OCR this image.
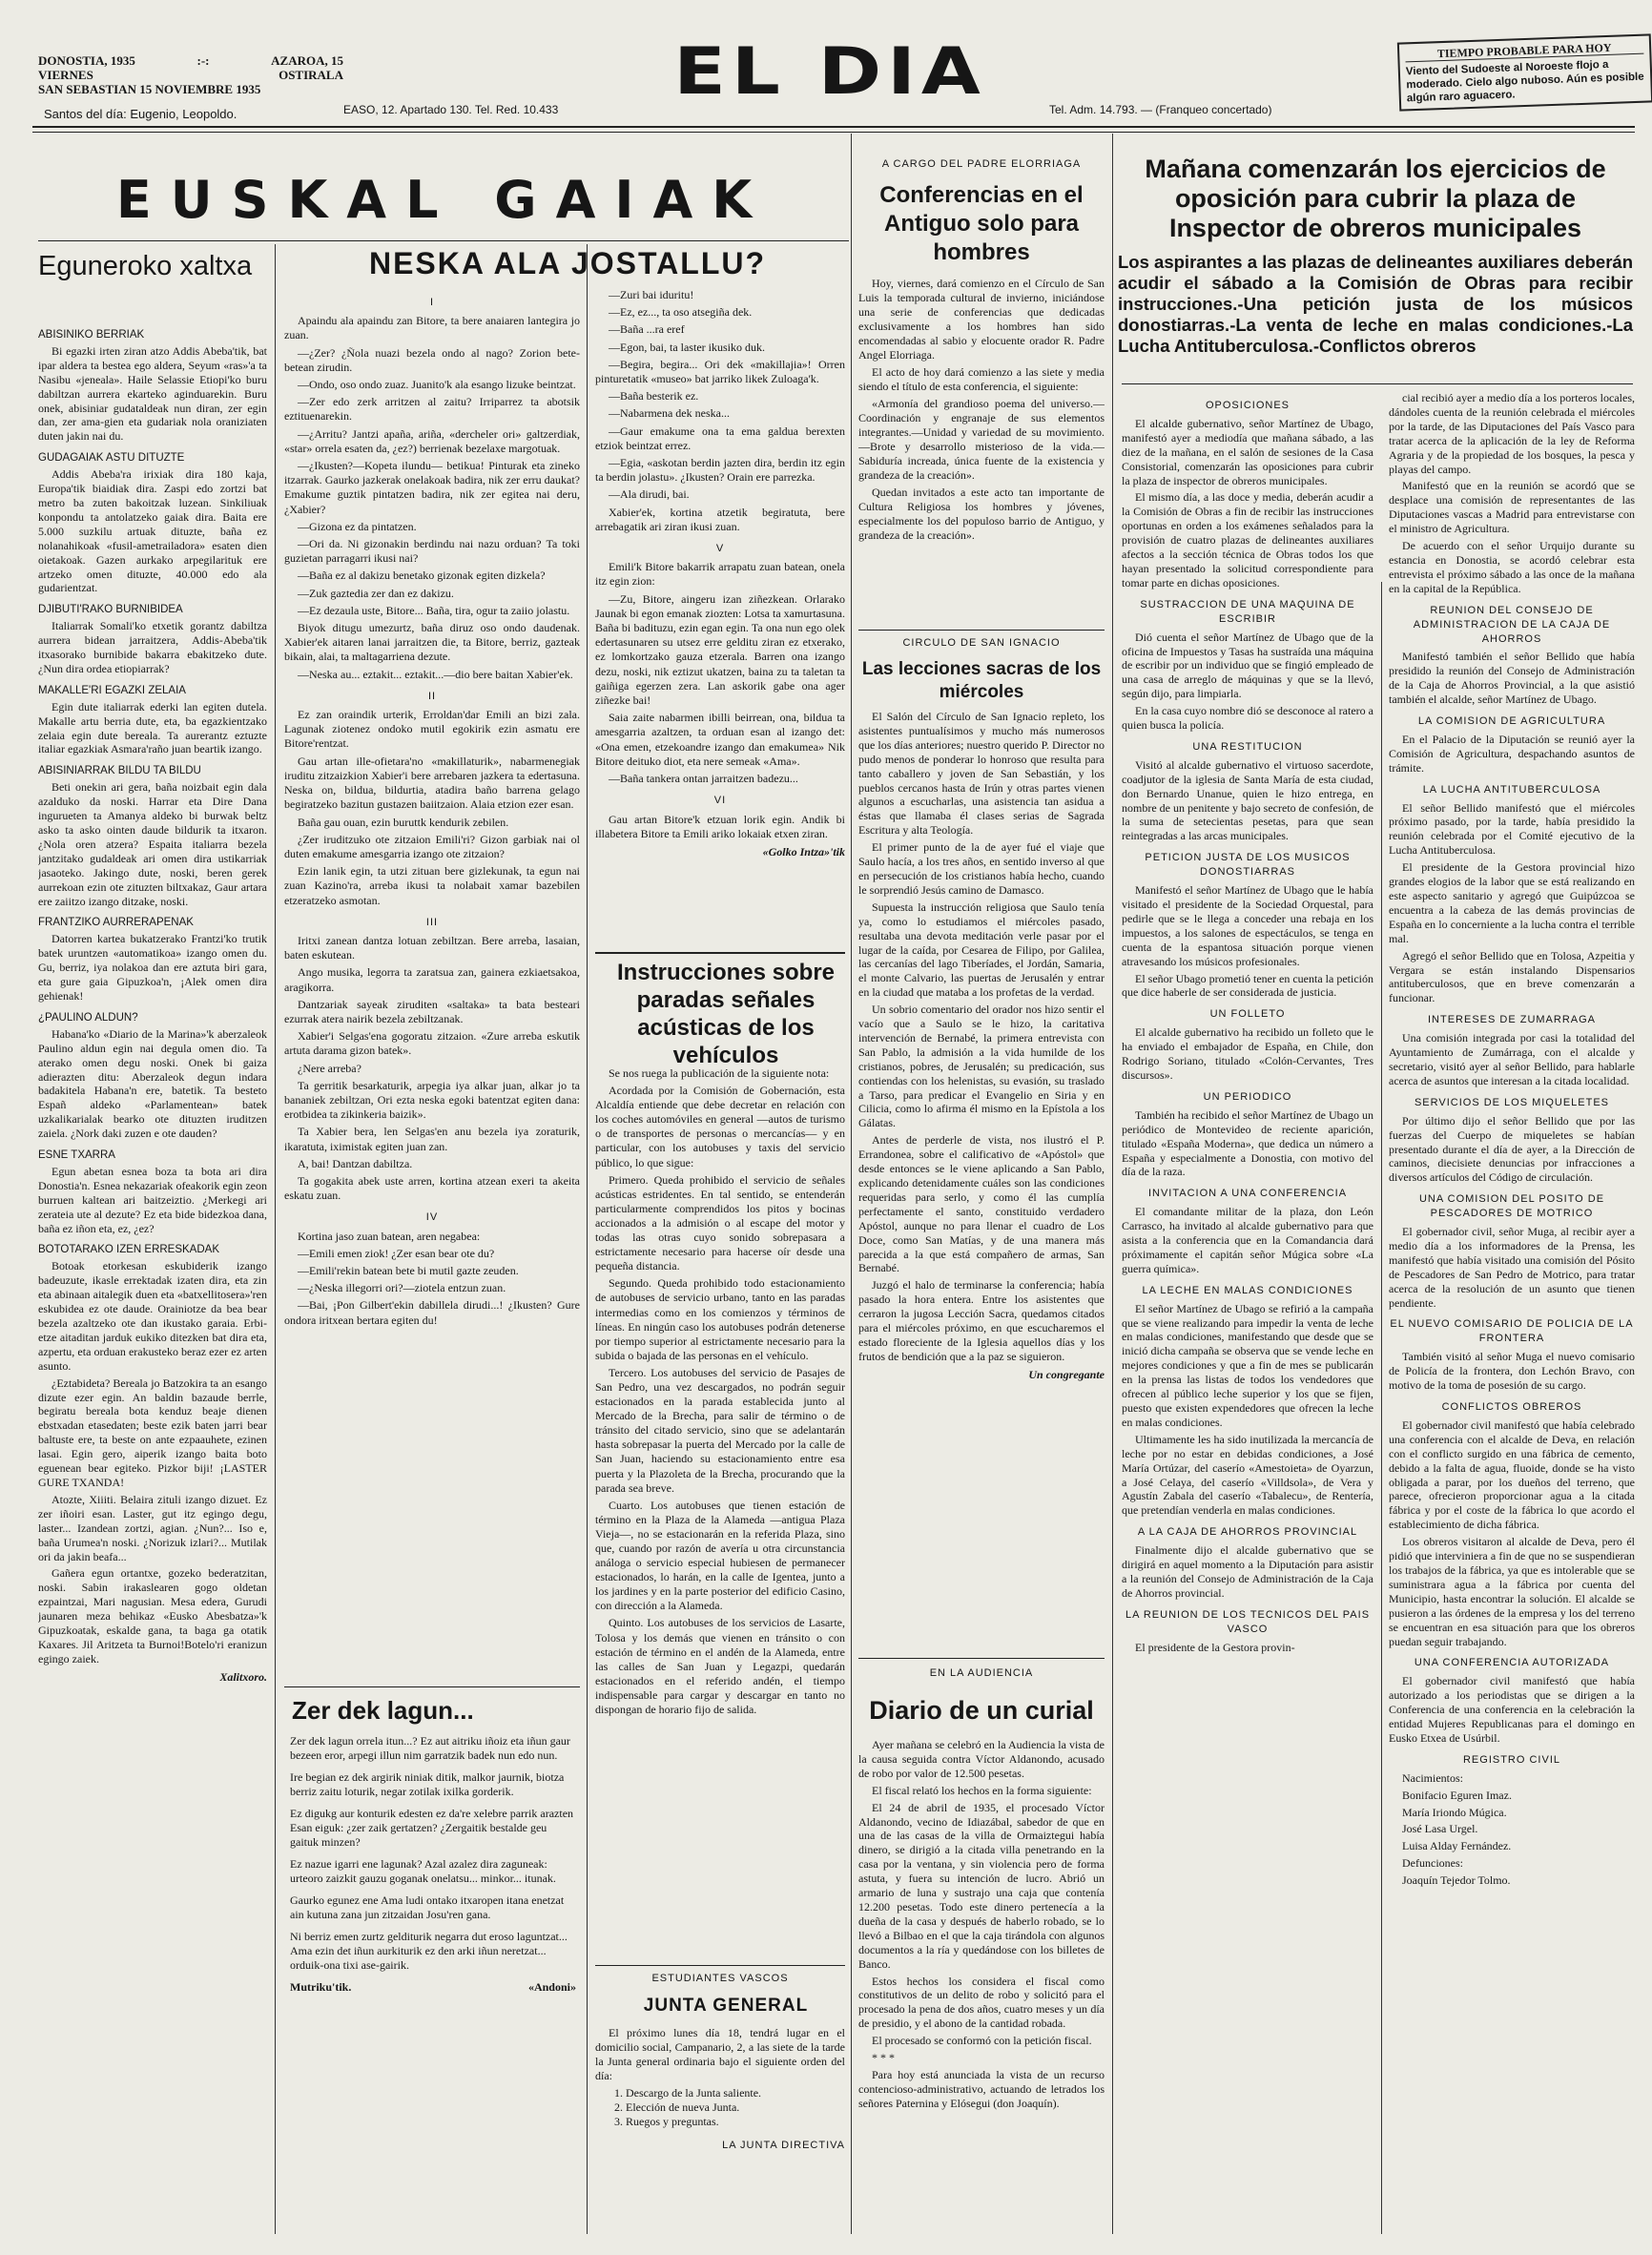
DONOSTIA, 1935	:-:	AZAROA, 15
VIERNES	OSTIRALA
SAN SEBASTIAN 15 NOVIEMBRE 1935
Santos del día: Eugenio, Leopoldo.
EL DIA
EASO, 12. Apartado 130. Tel. Red. 10.433	Tel. Adm. 14.793. — (Franqueo concertado)
TIEMPO PROBABLE PARA HOY
Viento del Sudoeste al Noroeste flojo a moderado. Cielo algo nuboso. Aún es posible algún raro aguacero.
EUSKAL GAIAK
Eguneroko xaltxa
ABISINIKO BERRIAK

Bi egazki irten ziran atzo Addis Abeba'tik, bat ipar aldera ta bestea ego aldera, Seyum «ras»'a ta Nasibu «jeneala». Haile Selassie Etiopi'ko buru dabiltzan aurrera ekarteko aginduarekin. Buru onek, abisiniar gudataldeak nun diran, zer egin dan, zer ama-gien eta gudariak nola oraniziaten duten jakin nai du.

GUDAGAIAK ASTU DITUZTE

Addis Abeba'ra irixiak dira 180 kaja, Europa'tik biaidiak dira. Zaspi edo zortzi bat metro ba zuten bakoitzak luzean. Sinkiliuak konpondu ta antolatzeko gaiak dira. Baita ere 5.000 suzkilu artuak dituzte, baña ez nolanahikoak «fusil-ametrailadora» esaten dien oietakoak. Gazen aurkako arpegilarituk ere artzeko omen dituzte, 40.000 edo ala gudarientzat.

DJIBUTI'RAKO BURNIBIDEA

Italiarrak Somali'ko etxetik gorantz dabiltza aurrera bidean jarraitzera, Addis-Abeba'tik itxasorako burnibide bakarra ebakitzeko dute. ¿Nun dira ordea etiopiarrak?

MAKALLE'RI EGAZKI ZELAIA

Egin dute italiarrak ederki lan egiten dutela. Makalle artu berria dute, eta, ba egazkientzako zelaia egin dute bereala. Ta aurerantz eztuzte italiar egazkiak Asmara'raño juan beartik izango.

ABISINIARRAK BILDU TA BILDU

Beti onekin ari gera, baña noizbait egin dala azalduko da noski. Harrar eta Dire Dana ingurueten ta Amanya aldeko bi burwak beltz asko ta asko ointen daude bildurik ta itxaron. ¿Nola oren atzera? Espaita italiarra bezela jantzitako gudaldeak ari omen dira ustikarriak jasaoteko. Jakingo dute, noski, beren gerek aurrekoan ezin ote zituzten biltxakaz, Gaur artara ere zaiitzo izango ditzake, noski.

FRANTZIKO AURRERAPENAK

Datorren kartea bukatzerako Frantzi'ko trutik batek uruntzen «automatikoa» izango omen du. Gu, berriz, iya nolakoa dan ere aztuta biri gara, eta gure gaia Gipuzkoa'n, ¡Alek omen dira gehienak!

¿PAULINO ALDUN?

Habana'ko «Diario de la Marina»'k aberzaleok Paulino aldun egin nai degula omen dio. Ta aterako omen degu noski. Onek bi gaiza adierazten ditu: Aberzaleok degun indara badakitela Habana'n ere, batetik. Ta besteto Españ aldeko «Parlamentean» batek uzkalikarialak bearko ote dituzten iruditzen zaiela. ¿Nork daki zuzen e ote dauden?

ESNE TXARRA

Egun abetan esnea boza ta bota ari dira Donostia'n. Esnea nekazariak ofeakorik egin zeon burruen kaltean ari baitzeiztio. ¿Merkegi ari zerateia ute al dezute? Ez eta bide bidezkoa dana, baña ez iñon eta, ez, ¿ez?

BOTOTARAKO IZEN ERRESKADAK

Botoak etorkesan eskubiderik izango badeuzute, ikasle errektadak izaten dira, eta zin eta abinaan aitalegik duen eta «batxellitosera»'ren eskubidea ez ote daude. Orainiotze da bea bear bezela azaltzeko ote dan ikustako garaia. Erbi-etze aitaditan jarduk eukiko ditezken bat dira eta, azpertu, eta orduan erakusteko beraz ezer ez arten asunto.

¿Eztabideta? Bereala jo Batzokira ta an esango dizute ezer egin. An baldin bazaude berrle, begiratu bereala bota kenduz beaje dienen ebstxadan etasedaten; beste ezik baten jarri bear baltuste ere, ta beste on ante ezpaauhete, ezinen lasai. Egin gero, aiperik izango baita boto eguenean bear egiteko. Pizkor biji! ¡LASTER GURE TXANDA!

Atozte, Xiiiti. Belaira zituli izango dizuet. Ez zer iñoiri esan. Laster, gut itz egingo degu, laster... Izandean zortzi, agian. ¿Nun?... Iso e, baña Urumea'n noski. ¿Norizuk izlari?... Mutilak ori da jakin beafa...

Gañera egun ortantxe, gozeko bederatzitan, noski. Sabin irakaslearen gogo oldetan ezpaintzai, Mari nagusian. Mesa edera, Gurudi jaunaren meza behikaz «Eusko Abesbatza»'k Gipuzkoatak, eskalde gana, ta baga ga otatik Kaxares. Jil Aritzeta ta Burnoi!Botelo'ri eranizun egingo zaiek.

Xalitxoro.
NESKA ALA JOSTALLU?
I

Apaindu ala apaindu zan Bitore, ta bere anaiaren lantegira jo zuan.

—¿Zer? ¿Ñola nuazi bezela ondo al nago? Zorion bete-betean zirudin.

—Ondo, oso ondo zuaz. Juanito'k ala esango lizuke beintzat.

—Zer edo zerk arritzen al zaitu? Irriparrez ta abotsik eztituenarekin.

—¿Arritu? Jantzi apaña, ariña, «dercheler ori» galtzerdiak, «star» orrela esaten da, ¿ez?) berrienak bezelaxe margotuak.

—¿Ikusten?—Kopeta ilundu— betikua! Pinturak eta zineko itzarrak. Gaurko jazkerak onelakoak badira, nik zer erru daukat? Emakume guztik pintatzen badira, nik zer egitea nai deru, ¿Xabier?

—Gizona ez da pintatzen.

—Ori da. Ni gizonakin berdindu nai nazu orduan? Ta toki guzietan parragarri ikusi nai?

—Baña ez al dakizu benetako gizonak egiten dizkela?

—Zuk gaztedia zer dan ez dakizu.

—Ez dezaula uste, Bitore... Baña, tira, ogur ta zaiio jolastu.

Biyok ditugu umezurtz, baña diruz oso ondo daudenak. Xabier'ek aitaren lanai jarraitzen die, ta Bitore, berriz, gazteak bikain, alai, ta maltagarriena dezute.

—Neska au... eztakit... eztakit...—dio bere baitan Xabier'ek.

II

Ez zan oraindik urterik, Erroldan'dar Emili an bizi zala. Lagunak ziotenez ondoko mutil egokirik ezin asmatu ere Bitore'rentzat.

Gau artan ille-ofietara'no «makillaturik», nabarmenegiak iruditu zitzaizkion Xabier'i bere arrebaren jazkera ta edertasuna. Neska on, bildua, bildurtia, atadira baño barrena gelago begiratzeko bazitun gustazen baiitzaion. Alaia etzion ezer esan.

Baña gau ouan, ezin buruttk kendurik zebilen.

¿Zer iruditzuko ote zitzaion Emili'ri? Gizon garbiak nai ol duten emakume amesgarria izango ote zitzaion?

Ezin lanik egin, ta utzi zituan bere gizlekunak, ta egun nai zuan Kazino'ra, arreba ikusi ta nolabait xamar bazebilen etzeratzeko asmotan.

III

Iritxi zanean dantza lotuan zebiltzan. Bere arreba, lasaian, baten eskutean.

Ango musika, legorra ta zaratsua zan, gainera ezkiaetsakoa, aragikorra.

Dantzariak sayeak ziruditen «saltaka» ta bata besteari ezurrak atera nairik bezela zebiltzanak.

Xabier'i Selgas'ena gogoratu zitzaion. «Zure arreba eskutik artuta darama gizon batek».

¿Nere arreba?

Ta gerritik besarkaturik, arpegia iya alkar juan, alkar jo ta bananiek zebiltzan, Ori ezta neska egoki batentzat egiten dana: erotbidea ta zikinkeria baizik».

Ta Xabier bera, len Selgas'en anu bezela iya zoraturik, ikaratuta, iximistak egiten juan zan.

A, bai! Dantzan dabiltza.

Ta gogakita abek uste arren, kortina atzean exeri ta akeita eskatu zuan.

IV

Kortina jaso zuan batean, aren negabea:

—Emili emen ziok! ¿Zer esan bear ote du?

—Emili'rekin batean bete bi mutil gazte zeuden.

—¿Neska illegorri ori?—ziotela entzun zuan.

—Bai, ¡Pon Gilbert'ekin dabillela dirudi...! ¿Ikusten? Gure ondora iritxean bertara egiten du!

—Zuri bai iduritu!

—Ez, ez..., ta oso atsegiña dek.

—Baña ...ra eref

—Egon, bai, ta laster ikusiko duk.

—Begira, begira... Ori dek «makillajia»! Orren pinturetatik «museo» bat jarriko likek Zuloaga'k.

—Baña besterik ez.

—Nabarmena dek neska...

—Gaur emakume ona ta ema galdua berexten etziok beintzat errez.

—Egia, «askotan berdin jazten dira, berdin itz egin ta berdin jolastu». ¿Ikusten? Orain ere parrezka.

—Ala dirudi, bai.

Xabier'ek, kortina atzetik begiratuta, bere arrebagatik ari ziran ikusi zuan.

V

Emili'k Bitore bakarrik arrapatu zuan batean, onela itz egin zion:

—Zu, Bitore, aingeru izan ziñezkean. Orlarako Jaunak bi egon emanak ziozten: Lotsa ta xamurtasuna. Baña bi badituzu, ezin egan egin. Ta ona nun ego olek edertasunaren su utsez erre gelditu ziran ez etxerako, ez lomkortzako gauza etzerala. Barren ona izango dezu, noski, nik eztizut ukatzen, baina zu ta taletan ta gaiñiga egerzen zera. Lan askorik gabe ona ager ziñezke bai!

Saia zaite nabarmen ibilli beirrean, ona, bildua ta amesgarria azaltzen, ta orduan esan al izango det: «Ona emen, etzekoandre izango dan emakumea» Nik Bitore deituko diot, eta nere semeak «Ama».

—Baña tankera ontan jarraitzen badezu...

VI

Gau artan Bitore'k etzuan lorik egin. Andik bi illabetera Bitore ta Emili ariko lokaiak etxen ziran.

«Golko Intza»'tik
Zer dek lagun...

Zer dek lagun orrela itun...? Ez aut aitriku iñoiz eta iñun gaur bezeen eror, arpegi illun nim garratzik badek nun edo nun.

Ire begian ez dek argirik niniak ditik, malkor jaurnik, biotza berriz zaitu loturik, negar zotilak ixilka gorderik.

Ez digukg aur konturik edesten ez da're xelebre parrik arazten Esan eiguk: ¿zer zaik gertatzen? ¿Zergaitik bestalde geu gaituk minzen?

Ez nazue igarri ene lagunak? Azal azalez dira zaguneak: urteoro zaizkit gauzu goganak onelatsu... minkor... itunak.

Gaurko egunez ene Ama ludi ontako itxaropen itana enetzat ain kutuna zana jun zitzaidan Josu'ren gana.

Ni berriz emen zurtz gelditurik negarra dut eroso laguntzat... Ama ezin det iñun aurkiturik ez den arki iñun neretzat... orduik-ona tixi ase-gairik.

Mutriku'tik.	«Andoni»
Instrucciones sobre paradas señales acústicas de los vehículos

Se nos ruega la publicación de la siguiente nota:

Acordada por la Comisión de Gobernación, esta Alcaldía entiende que debe decretar en relación con los coches automóviles en general —autos de turismo o de transportes de personas o mercancías— y en particular, con los autobuses y taxis del servicio público, lo que sigue:

Primero. Queda prohibido el servicio de señales acústicas estridentes. En tal sentido, se entenderán particularmente comprendidos los pitos y bocinas accionados a la admisión o al escape del motor y todas las otras cuyo sonido sobrepasara a estrictamente necesario para hacerse oír desde una pequeña distancia.

Segundo. Queda prohibido todo estacionamiento de autobuses de servicio urbano, tanto en las paradas intermedias como en los comienzos y términos de líneas. En ningún caso los autobuses podrán detenerse por tiempo superior al estrictamente necesario para la subida o bajada de las personas en el vehículo.

Tercero. Los autobuses del servicio de Pasajes de San Pedro, una vez descargados, no podrán seguir estacionados en la parada establecida junto al Mercado de la Brecha, para salir de término o de tránsito del citado servicio, sino que se adelantarán hasta sobrepasar la puerta del Mercado por la calle de San Juan, haciendo su estacionamiento entre esa puerta y la Plazoleta de la Brecha, procurando que la parada sea breve.

Cuarto. Los autobuses que tienen estación de término en la Plaza de la Alameda —antigua Plaza Vieja—, no se estacionarán en la referida Plaza, sino que, cuando por razón de avería u otra circunstancia análoga o servicio especial hubiesen de permanecer estacionados, lo harán, en la calle de Igentea, junto a los jardines y en la parte posterior del edificio Casino, con dirección a la Alameda.

Quinto. Los autobuses de los servicios de Lasarte, Tolosa y los demás que vienen en tránsito o con estación de término en el andén de la Alameda, entre las calles de San Juan y Legazpi, quedarán estacionados en el referido andén, el tiempo indispensable para cargar y descargar en tanto no dispongan de horario fijo de salida.

ESTUDIANTES VASCOS
JUNTA GENERAL

El próximo lunes día 18, tendrá lugar en el domicilio social, Campanario, 2, a las siete de la tarde la Junta general ordinaria bajo el siguiente orden del día:

1. Descargo de la Junta saliente.

2. Elección de nueva Junta.

3. Ruegos y preguntas.

LA JUNTA DIRECTIVA
A CARGO DEL PADRE ELORRIAGA
Conferencias en el Antiguo solo para hombres

Hoy, viernes, dará comienzo en el Círculo de San Luis la temporada cultural de invierno, iniciándose una serie de conferencias que dedicadas exclusivamente a los hombres han sido encomendadas al sabio y elocuente orador R. Padre Angel Elorriaga.

El acto de hoy dará comienzo a las siete y media siendo el título de esta conferencia, el siguiente:

«Armonía del grandioso poema del universo.—Coordinación y engranaje de sus elementos integrantes.—Unidad y variedad de su movimiento.—Brote y desarrollo misterioso de la vida.—Sabiduría increada, única fuente de la existencia y grandeza de la creación».

Quedan invitados a este acto tan importante de Cultura Religiosa los hombres y jóvenes, especialmente los del populoso barrio de Antiguo, y grandeza de la creación».

CIRCULO DE SAN IGNACIO
Las lecciones sacras de los miércoles

El Salón del Círculo de San Ignacio repleto, los asistentes puntualísimos y mucho más numerosos que los días anteriores; nuestro querido P. Director no pudo menos de ponderar lo honroso que resulta para tanto caballero y joven de San Sebastián, y los pueblos cercanos hasta de Irún y otras partes vienen algunos a escucharlas, una asistencia tan asidua a éstas que llamaba él clases serias de Sagrada Escritura y alta Teología.

El primer punto de la de ayer fué el viaje que Saulo hacía, a los tres años, en sentido inverso al que en persecución de los cristianos había hecho, cuando le sorprendió Jesús camino de Damasco.

Supuesta la instrucción religiosa que Saulo tenía ya, como lo estudiamos el miércoles pasado, resultaba una devota meditación verle pasar por el lugar de la caída, por Cesarea de Filipo, por Galilea, las cercanías del lago Tiberíades, el Jordán, Samaria, el monte Calvario, las puertas de Jerusalén y entrar en la ciudad que mataba a los profetas de la verdad.

Un sobrio comentario del orador nos hizo sentir el vacío que a Saulo se le hizo, la caritativa intervención de Bernabé, la primera entrevista con San Pablo, la admisión a la vida humilde de los cristianos, pobres, de Jerusalén; su predicación, sus contiendas con los helenistas, su evasión, su traslado a Tarso, para predicar el Evangelio en Siria y en Cilicia, como lo afirma él mismo en la Epístola a los Gálatas.

Antes de perderle de vista, nos ilustró el P. Errandonea, sobre el calificativo de «Apóstol» que desde entonces se le viene aplicando a San Pablo, explicando detenidamente cuáles son las condiciones requeridas para serlo, y como él las cumplía perfectamente el santo, constituido verdadero Apóstol, aunque no para llenar el cuadro de Los Doce, como San Matías, y de una manera más parecida a la que está compañero de armas, San Bernabé.

Juzgó el halo de terminarse la conferencia; había pasado la hora entera. Entre los asistentes que cerraron la jugosa Lección Sacra, quedamos citados para el miércoles próximo, en que escucharemos el estado floreciente de la Iglesia aquellos días y los frutos de bendición que a la paz se siguieron.

Un congregante
EN LA AUDIENCIA
Diario de un curial

Ayer mañana se celebró en la Audiencia la vista de la causa seguida contra Víctor Aldanondo, acusado de robo por valor de 12.500 pesetas.

El fiscal relató los hechos en la forma siguiente:

El 24 de abril de 1935, el procesado Víctor Aldanondo, vecino de Idiazábal, sabedor de que en una de las casas de la villa de Ormaiztegui había dinero, se dirigió a la citada villa penetrando en la casa por la ventana, y sin violencia pero de forma astuta, y fuera su intención de lucro. Abrió un armario de luna y sustrajo una caja que contenía 12.200 pesetas. Todo este dinero pertenecía a la dueña de la casa y después de haberlo robado, se lo llevó a Bilbao en el que la caja tirándola con algunos documentos a la ría y quedándose con los billetes de Banco.

Estos hechos los considera el fiscal como constitutivos de un delito de robo y solicitó para el procesado la pena de dos años, cuatro meses y un día de presidio, y el abono de la cantidad robada.

El procesado se conformó con la petición fiscal.

* * *

Para hoy está anunciada la vista de un recurso contencioso-administrativo, actuando de letrados los señores Paternina y Elósegui (don Joaquín).

Mañana comenzarán los ejercicios de oposición para cubrir la plaza de Inspector de obreros municipales
Los aspirantes a las plazas de delineantes auxiliares deberán acudir el sábado a la Comisión de Obras para recibir instrucciones.-Una petición justa de los músicos donostiarras.-La venta de leche en malas condiciones.-La Lucha Antituberculosa.-Conflictos obreros
OPOSICIONES

El alcalde gubernativo, señor Martínez de Ubago, manifestó ayer a mediodía que mañana sábado, a las diez de la mañana, en el salón de sesiones de la Casa Consistorial, comenzarán las oposiciones para cubrir la plaza de inspector de obreros municipales.

El mismo día, a las doce y media, deberán acudir a la Comisión de Obras a fin de recibir las instrucciones oportunas en orden a los exámenes señalados para la provisión de cuatro plazas de delineantes auxiliares afectos a la sección técnica de Obras todos los que hayan presentado la solicitud correspondiente para tomar parte en dichas oposiciones.

SUSTRACCION DE UNA MAQUINA DE ESCRIBIR

Dió cuenta el señor Martínez de Ubago que de la oficina de Impuestos y Tasas ha sustraída una máquina de escribir por un individuo que se fingió empleado de una casa de arreglo de máquinas y que se la llevó, según dijo, para limpiarla.

En la casa cuyo nombre dió se desconoce al ratero a quien busca la policía.

UNA RESTITUCION

Visitó al alcalde gubernativo el virtuoso sacerdote, coadjutor de la iglesia de Santa María de esta ciudad, don Bernardo Unanue, quien le hizo entrega, en nombre de un penitente y bajo secreto de confesión, de la suma de setecientas pesetas, para que sean reintegradas a las arcas municipales.

PETICION JUSTA DE LOS MUSICOS DONOSTIARRAS

Manifestó el señor Martínez de Ubago que le había visitado el presidente de la Sociedad Orquestal, para pedirle que se le llega a conceder una rebaja en los impuestos, a los salones de espectáculos, se tenga en cuenta de la espantosa situación porque vienen atravesando los músicos profesionales.

El señor Ubago prometió tener en cuenta la petición que dice haberle de ser considerada de justicia.

UN FOLLETO

El alcalde gubernativo ha recibido un folleto que le ha enviado el embajador de España, en Chile, don Rodrigo Soriano, titulado «Colón-Cervantes, Tres discursos».

UN PERIODICO

También ha recibido el señor Martínez de Ubago un periódico de Montevideo de reciente aparición, titulado «España Moderna», que dedica un número a España y especialmente a Donostia, con motivo del día de la raza.

INVITACION A UNA CONFERENCIA

El comandante militar de la plaza, don León Carrasco, ha invitado al alcalde gubernativo para que asista a la conferencia que en la Comandancia dará próximamente el capitán señor Múgica sobre «La guerra química».

LA LECHE EN MALAS CONDICIONES

El señor Martínez de Ubago se refirió a la campaña que se viene realizando para impedir la venta de leche en malas condiciones, manifestando que desde que se inició dicha campaña se observa que se vende leche en mejores condiciones y que a fin de mes se publicarán en la prensa las listas de todos los vendedores que ofrecen al público leche superior y los que se fijen, puesto que existen expendedores que ofrecen la leche en malas condiciones.

Ultimamente les ha sido inutilizada la mercancía de leche por no estar en debidas condiciones, a José María Ortúzar, del caserío «Amestoieta» de Oyarzun, a José Celaya, del caserío «Villdsola», de Vera y Agustín Zabala del caserío «Tabalecu», de Rentería, que pretendían venderla en malas condiciones.

A LA CAJA DE AHORROS PROVINCIAL

Finalmente dijo el alcalde gubernativo que se dirigirá en aquel momento a la Diputación para asistir a la reunión del Consejo de Administración de la Caja de Ahorros provincial.

LA REUNION DE LOS TECNICOS DEL PAIS VASCO

El presidente de la Gestora provin-

cial recibió ayer a medio día a los porteros locales, dándoles cuenta de la reunión celebrada el miércoles por la tarde, de las Diputaciones del País Vasco para tratar acerca de la aplicación de la ley de Reforma Agraria y de la propiedad de los bosques, la pesca y playas del campo.

Manifestó que en la reunión se acordó que se desplace una comisión de representantes de las Diputaciones vascas a Madrid para entrevistarse con el ministro de Agricultura.

De acuerdo con el señor Urquijo durante su estancia en Donostia, se acordó celebrar esta entrevista el próximo sábado a las once de la mañana en la capital de la República.

REUNION DEL CONSEJO DE ADMINISTRACION DE LA CAJA DE AHORROS

Manifestó también el señor Bellido que había presidido la reunión del Consejo de Administración de la Caja de Ahorros Provincial, a la que asistió también el alcalde, señor Martínez de Ubago.

LA COMISION DE AGRICULTURA

En el Palacio de la Diputación se reunió ayer la Comisión de Agricultura, despachando asuntos de trámite.

LA LUCHA ANTITUBERCULOSA

El señor Bellido manifestó que el miércoles próximo pasado, por la tarde, había presidido la reunión celebrada por el Comité ejecutivo de la Lucha Antituberculosa.

El presidente de la Gestora provincial hizo grandes elogios de la labor que se está realizando en este aspecto sanitario y agregó que Guipúzcoa se encuentra a la cabeza de las demás provincias de España en lo concerniente a la lucha contra el terrible mal.

Agregó el señor Bellido que en Tolosa, Azpeitia y Vergara se están instalando Dispensarios antituberculosos, que en breve comenzarán a funcionar.

INTERESES DE ZUMARRAGA

Una comisión integrada por casi la totalidad del Ayuntamiento de Zumárraga, con el alcalde y secretario, visitó ayer al señor Bellido, para hablarle acerca de asuntos que interesan a la citada localidad.

SERVICIOS DE LOS MIQUELETES

Por último dijo el señor Bellido que por las fuerzas del Cuerpo de miqueletes se habían presentado durante el día de ayer, a la Dirección de caminos, diecisiete denuncias por infracciones a diversos artículos del Código de circulación.

UNA COMISION DEL POSITO DE PESCADORES DE MOTRICO

El gobernador civil, señor Muga, al recibir ayer a medio día a los informadores de la Prensa, les manifestó que había visitado una comisión del Pósito de Pescadores de San Pedro de Motrico, para tratar acerca de la resolución de un asunto que tienen pendiente.

EL NUEVO COMISARIO DE POLICIA DE LA FRONTERA

También visitó al señor Muga el nuevo comisario de Policía de la frontera, don Lechón Bravo, con motivo de la toma de posesión de su cargo.

CONFLICTOS OBREROS

El gobernador civil manifestó que había celebrado una conferencia con el alcalde de Deva, en relación con el conflicto surgido en una fábrica de cemento, debido a la falta de agua, fluoide, donde se ha visto obligada a parar, por los dueños del terreno, que parece, ofrecieron proporcionar agua a la citada fábrica y por el coste de la fábrica lo que acordo el establecimiento de dicha fábrica.

Los obreros visitaron al alcalde de Deva, pero él pidió que interviniera a fin de que no se suspendieran los trabajos de la fábrica, ya que es intolerable que se suministrara agua a la fábrica por cuenta del Municipio, hasta encontrar la solución. El alcalde se pusieron a las órdenes de la empresa y los del terreno se encuentran en esa situación para que los obreros puedan seguir trabajando.

UNA CONFERENCIA AUTORIZADA

El gobernador civil manifestó que había autorizado a los periodistas que se dirigen a la Conferencia de una conferencia en la celebración la entidad Mujeres Republicanas para el domingo en Eusko Etxea de Usúrbil.

REGISTRO CIVIL

Nacimientos:

Bonifacio Eguren Imaz.

María Iriondo Múgica.

José Lasa Urgel.

Luisa Alday Fernández.

Defunciones:

Joaquín Tejedor Tolmo.
